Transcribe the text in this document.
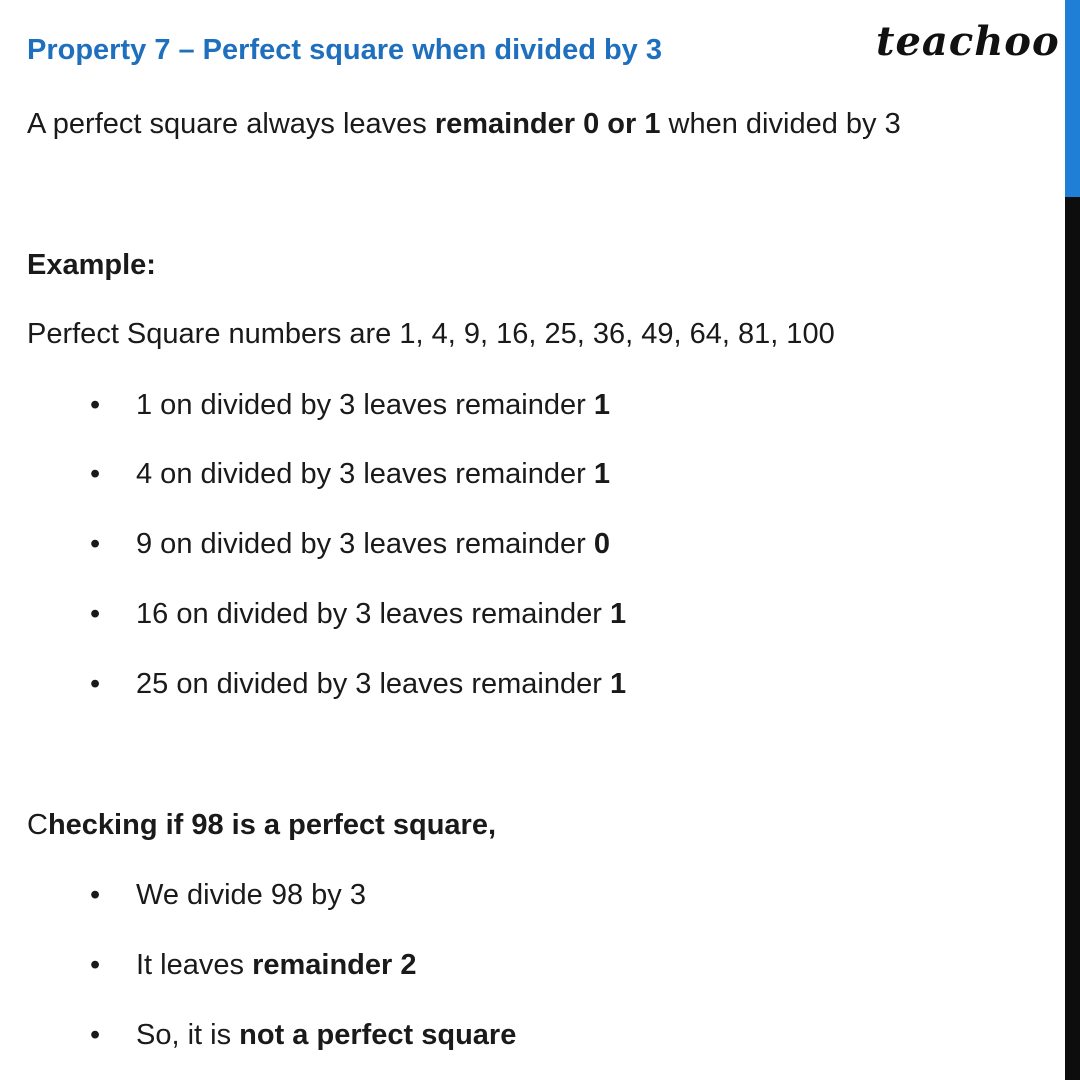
Property 7 – Perfect square when divided by 3	teachoo
A perfect square always leaves remainder 0 or 1 when divided by 3
Example:
Perfect Square numbers are 1, 4, 9, 16, 25, 36, 49, 64, 81, 100
• 1 on divided by 3 leaves remainder 1
• 4 on divided by 3 leaves remainder 1
• 9 on divided by 3 leaves remainder 0
• 16 on divided by 3 leaves remainder 1
• 25 on divided by 3 leaves remainder 1
Checking if 98 is a perfect square,
• We divide 98 by 3
• It leaves remainder 2
• So, it is not a perfect square
